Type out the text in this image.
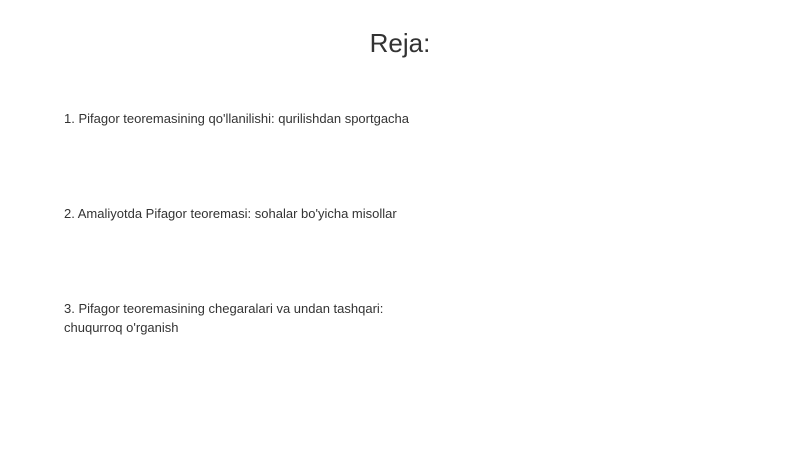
Reja:
1. Pifagor teoremasining qo'llanilishi: qurilishdan sportgacha
2. Amaliyotda Pifagor teoremasi: sohalar bo'yicha misollar
3. Pifagor teoremasining chegaralari va undan tashqari: chuqurroq o'rganish
